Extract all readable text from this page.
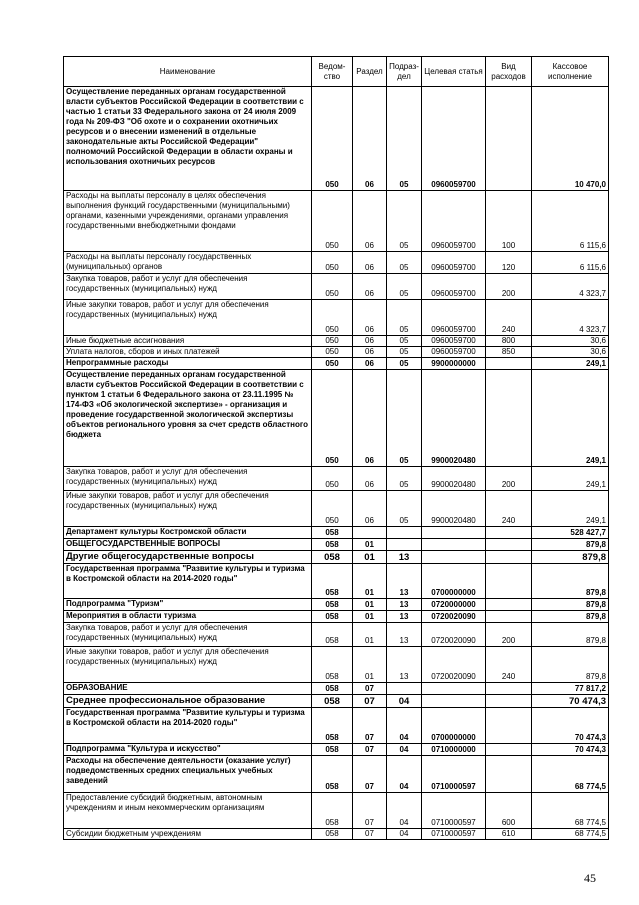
Наименование	Ведом-ство	Раздел	Подраз-дел	Целевая статья	Вид расходов	Кассовое исполнение
Осуществление переданных органам государственной власти субъектов Российской Федерации в соответствии с частью 1 статьи 33 Федерального закона от 24 июля 2009 года № 209-ФЗ "Об охоте и о сохранении охотничьих ресурсов и о внесении изменений в отдельные законодательные акты Российской Федерации" полномочий Российской Федерации в области охраны и использования охотничьих ресурсов	050	06	05	0960059700		10 470,0
Расходы на выплаты персоналу в целях обеспечения выполнения функций государственными (муниципальными) органами, казенными учреждениями, органами управления государственными внебюджетными фондами	050	06	05	0960059700	100	6 115,6
Расходы на выплаты персоналу государственных (муниципальных) органов	050	06	05	0960059700	120	6 115,6
Закупка товаров, работ и услуг для обеспечения государственных (муниципальных) нужд	050	06	05	0960059700	200	4 323,7
Иные закупки товаров, работ и услуг для обеспечения государственных (муниципальных) нужд	050	06	05	0960059700	240	4 323,7
Иные бюджетные ассигнования	050	06	05	0960059700	800	30,6
Уплата налогов, сборов и иных платежей	050	06	05	0960059700	850	30,6
Непрограммные расходы	050	06	05	9900000000		249,1
Осуществление переданных органам государственной власти субъектов Российской Федерации в соответствии с пунктом 1 статьи 6 Федерального закона от 23.11.1995 № 174-ФЗ «Об экологической экспертизе» - организация и проведение государственной экологической экспертизы объектов регионального уровня за счет средств областного бюджета	050	06	05	9900020480		249,1
Закупка товаров, работ и услуг для обеспечения государственных (муниципальных) нужд	050	06	05	9900020480	200	249,1
Иные закупки товаров, работ и услуг для обеспечения государственных (муниципальных) нужд	050	06	05	9900020480	240	249,1
Департамент культуры Костромской области	058					528 427,7
ОБЩЕГОСУДАРСТВЕННЫЕ ВОПРОСЫ	058	01				879,8
Другие общегосударственные вопросы	058	01	13			879,8
Государственная программа "Развитие культуры и туризма в Костромской области на 2014-2020 годы"	058	01	13	0700000000		879,8
Подпрограмма "Туризм"	058	01	13	0720000000		879,8
Мероприятия в области туризма	058	01	13	0720020090		879,8
Закупка товаров, работ и услуг для обеспечения государственных (муниципальных) нужд	058	01	13	0720020090	200	879,8
Иные закупки товаров, работ и услуг для обеспечения государственных (муниципальных) нужд	058	01	13	0720020090	240	879,8
ОБРАЗОВАНИЕ	058	07				77 817,2
Среднее профессиональное образование	058	07	04			70 474,3
Государственная программа "Развитие культуры и туризма в Костромской области на 2014-2020 годы"	058	07	04	0700000000		70 474,3
Подпрограмма "Культура и искусство"	058	07	04	0710000000		70 474,3
Расходы на обеспечение деятельности (оказание услуг) подведомственных средних специальных учебных заведений	058	07	04	0710000597		68 774,5
Предоставление субсидий бюджетным, автономным учреждениям и иным некоммерческим организациям	058	07	04	0710000597	600	68 774,5
Субсидии бюджетным учреждениям	058	07	04	0710000597	610	68 774,5
45
